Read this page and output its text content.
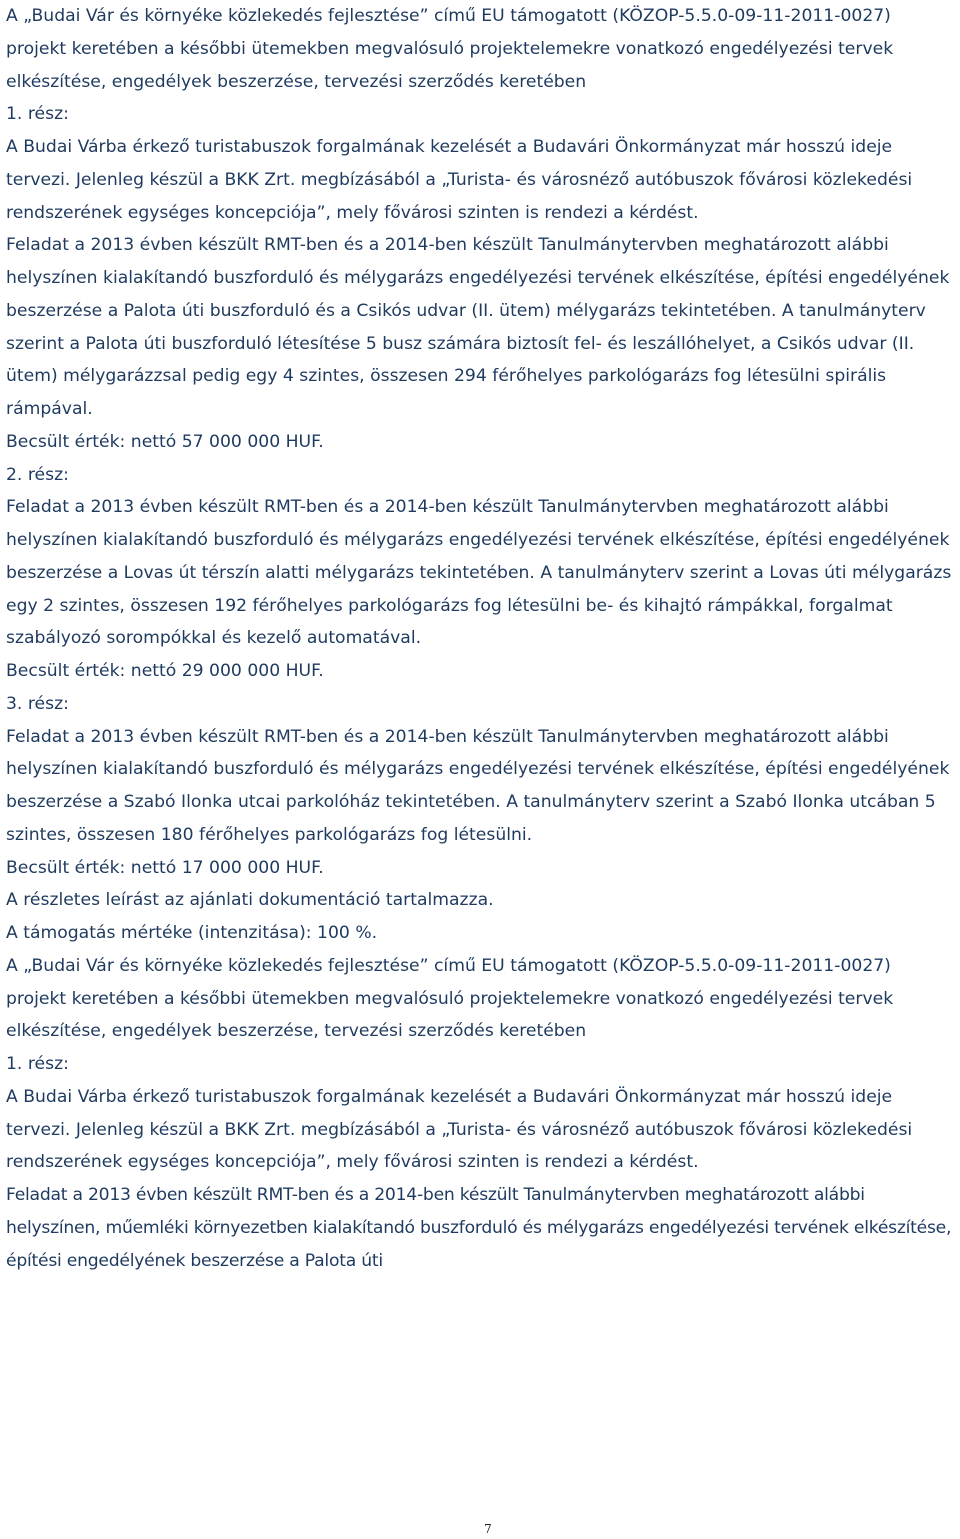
A „Budai Vár és környéke közlekedés fejlesztése” című EU támogatott (KÖZOP-5.5.0-09-11-2011-0027) projekt keretében a későbbi ütemekben megvalósuló projektelemekre vonatkozó engedélyezési tervek elkészítése, engedélyek beszerzése, tervezési szerződés keretében

1. rész:

A Budai Várba érkező turistabuszok forgalmának kezelését a Budavári Önkormányzat már hosszú ideje tervezi. Jelenleg készül a BKK Zrt. megbízásából a „Turista- és városnéző autóbuszok fővárosi közlekedési rendszerének egységes koncepciója”, mely fővárosi szinten is rendezi a kérdést.

Feladat a 2013 évben készült RMT-ben és a 2014-ben készült Tanulmánytervben meghatározott alábbi helyszínen kialakítandó buszforduló és mélygarázs engedélyezési tervének elkészítése, építési engedélyének beszerzése a Palota úti buszforduló és a Csikós udvar (II. ütem) mélygarázs tekintetében. A tanulmányterv szerint a Palota úti buszforduló létesítése 5 busz számára biztosít fel- és leszállóhelyet, a Csikós udvar (II. ütem) mélygarázzsal pedig egy 4 szintes, összesen 294 férőhelyes parkológarázs fog létesülni spirális rámpával.

Becsült érték: nettó 57 000 000 HUF.

2. rész:

Feladat a 2013 évben készült RMT-ben és a 2014-ben készült Tanulmánytervben meghatározott alábbi helyszínen kialakítandó buszforduló és mélygarázs engedélyezési tervének elkészítése, építési engedélyének beszerzése a Lovas út térszín alatti mélygarázs tekintetében. A tanulmányterv szerint a Lovas úti mélygarázs egy 2 szintes, összesen 192 férőhelyes parkológarázs fog létesülni be- és kihajtó rámpákkal, forgalmat szabályozó sorompókkal és kezelő automatával.

Becsült érték: nettó 29 000 000 HUF.

3. rész:

Feladat a 2013 évben készült RMT-ben és a 2014-ben készült Tanulmánytervben meghatározott alábbi helyszínen kialakítandó buszforduló és mélygarázs engedélyezési tervének elkészítése, építési engedélyének beszerzése a Szabó Ilonka utcai parkolóház tekintetében. A tanulmányterv szerint a Szabó Ilonka utcában 5 szintes, összesen 180 férőhelyes parkológarázs fog létesülni.

Becsült érték: nettó 17 000 000 HUF.

A részletes leírást az ajánlati dokumentáció tartalmazza.

A támogatás mértéke (intenzitása): 100 %.

A „Budai Vár és környéke közlekedés fejlesztése” című EU támogatott (KÖZOP-5.5.0-09-11-2011-0027) projekt keretében a későbbi ütemekben megvalósuló projektelemekre vonatkozó engedélyezési tervek elkészítése, engedélyek beszerzése, tervezési szerződés keretében

1. rész:

A Budai Várba érkező turistabuszok forgalmának kezelését a Budavári Önkormányzat már hosszú ideje tervezi. Jelenleg készül a BKK Zrt. megbízásából a „Turista- és városnéző autóbuszok fővárosi közlekedési rendszerének egységes koncepciója”, mely fővárosi szinten is rendezi a kérdést.

Feladat a 2013 évben készült RMT-ben és a 2014-ben készült Tanulmánytervben meghatározott alábbi helyszínen, műemléki környezetben kialakítandó buszforduló és mélygarázs engedélyezési tervének elkészítése, építési engedélyének beszerzése a Palota úti

7
